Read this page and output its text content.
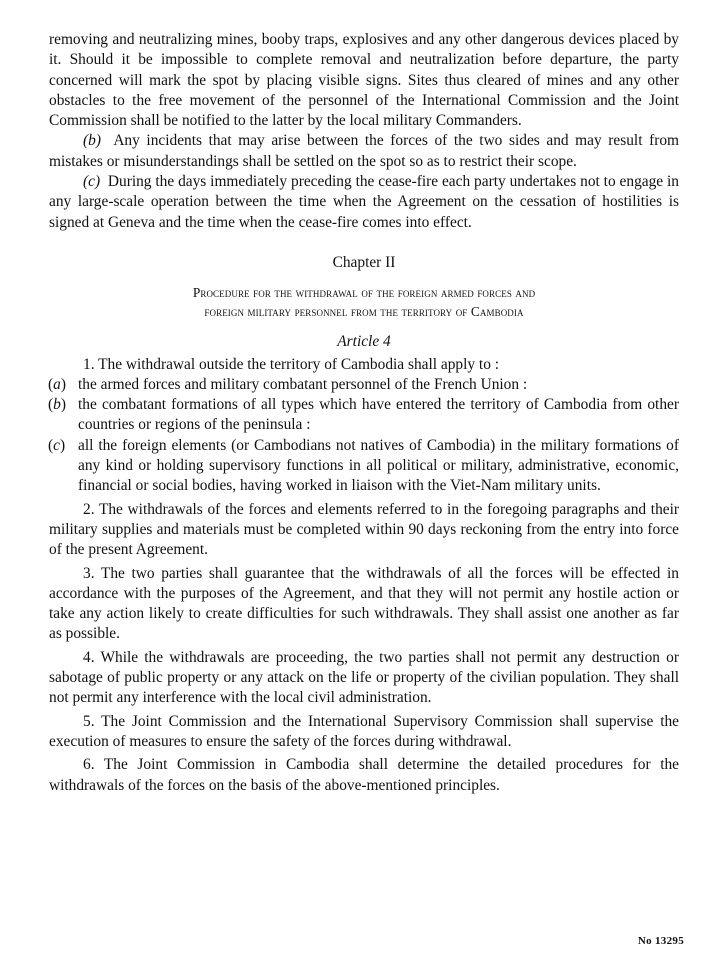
removing and neutralizing mines, booby traps, explosives and any other dangerous devices placed by it. Should it be impossible to complete removal and neutralization before departure, the party concerned will mark the spot by placing visible signs. Sites thus cleared of mines and any other obstacles to the free movement of the personnel of the International Commission and the Joint Commission shall be notified to the latter by the local military Commanders.

(b) Any incidents that may arise between the forces of the two sides and may result from mistakes or misunderstandings shall be settled on the spot so as to restrict their scope.

(c) During the days immediately preceding the cease-fire each party undertakes not to engage in any large-scale operation between the time when the Agreement on the cessation of hostilities is signed at Geneva and the time when the cease-fire comes into effect.

Chapter II
Procedure for the withdrawal of the foreign armed forces and
foreign military personnel from the territory of Cambodia
Article 4

1. The withdrawal outside the territory of Cambodia shall apply to :

(a) the armed forces and military combatant personnel of the French Union :
(b) the combatant formations of all types which have entered the territory of Cambodia from other countries or regions of the peninsula :
(c) all the foreign elements (or Cambodians not natives of Cambodia) in the military formations of any kind or holding supervisory functions in all political or military, administrative, economic, financial or social bodies, having worked in liaison with the Viet-Nam military units.

2. The withdrawals of the forces and elements referred to in the foregoing paragraphs and their military supplies and materials must be completed within 90 days reckoning from the entry into force of the present Agreement.

3. The two parties shall guarantee that the withdrawals of all the forces will be effected in accordance with the purposes of the Agreement, and that they will not permit any hostile action or take any action likely to create difficulties for such withdrawals. They shall assist one another as far as possible.

4. While the withdrawals are proceeding, the two parties shall not permit any destruction or sabotage of public property or any attack on the life or property of the civilian population. They shall not permit any interference with the local civil administration.

5. The Joint Commission and the International Supervisory Commission shall supervise the execution of measures to ensure the safety of the forces during withdrawal.

6. The Joint Commission in Cambodia shall determine the detailed procedures for the withdrawals of the forces on the basis of the above-mentioned principles.

No 13295
